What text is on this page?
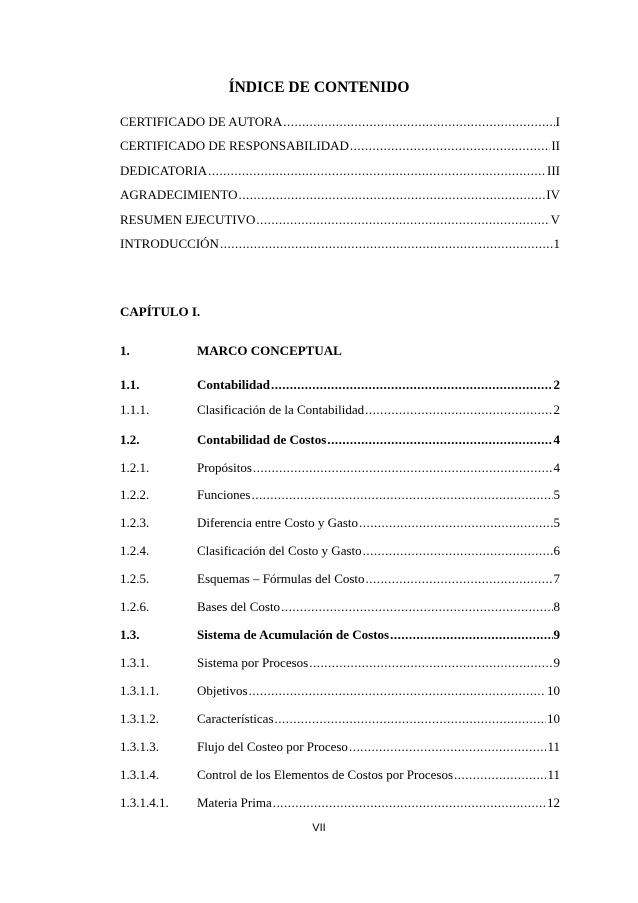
ÍNDICE DE CONTENIDO
CERTIFICADO DE AUTORA .....	I
CERTIFICADO DE RESPONSABILIDAD .....	II
DEDICATORIA .....	III
AGRADECIMIENTO .....	IV
RESUMEN EJECUTIVO .....	V
INTRODUCCIÓN .....	1
CAPÍTULO I.
1.	MARCO CONCEPTUAL
1.1.	Contabilidad .....	2
1.1.1.	Clasificación de la Contabilidad .....	2
1.2.	Contabilidad de Costos .....	4
1.2.1.	Propósitos .....	4
1.2.2.	Funciones .....	5
1.2.3.	Diferencia entre Costo y Gasto .....	5
1.2.4.	Clasificación del Costo y Gasto .....	6
1.2.5.	Esquemas – Fórmulas del Costo .....	7
1.2.6.	Bases del Costo .....	8
1.3.	Sistema de Acumulación de Costos .....	9
1.3.1.	Sistema por Procesos .....	9
1.3.1.1.	Objetivos .....	10
1.3.1.2.	Características .....	10
1.3.1.3.	Flujo del Costeo por Proceso .....	11
1.3.1.4.	Control de los Elementos de Costos por Procesos .....	11
1.3.1.4.1.	Materia Prima .....	12
VII
